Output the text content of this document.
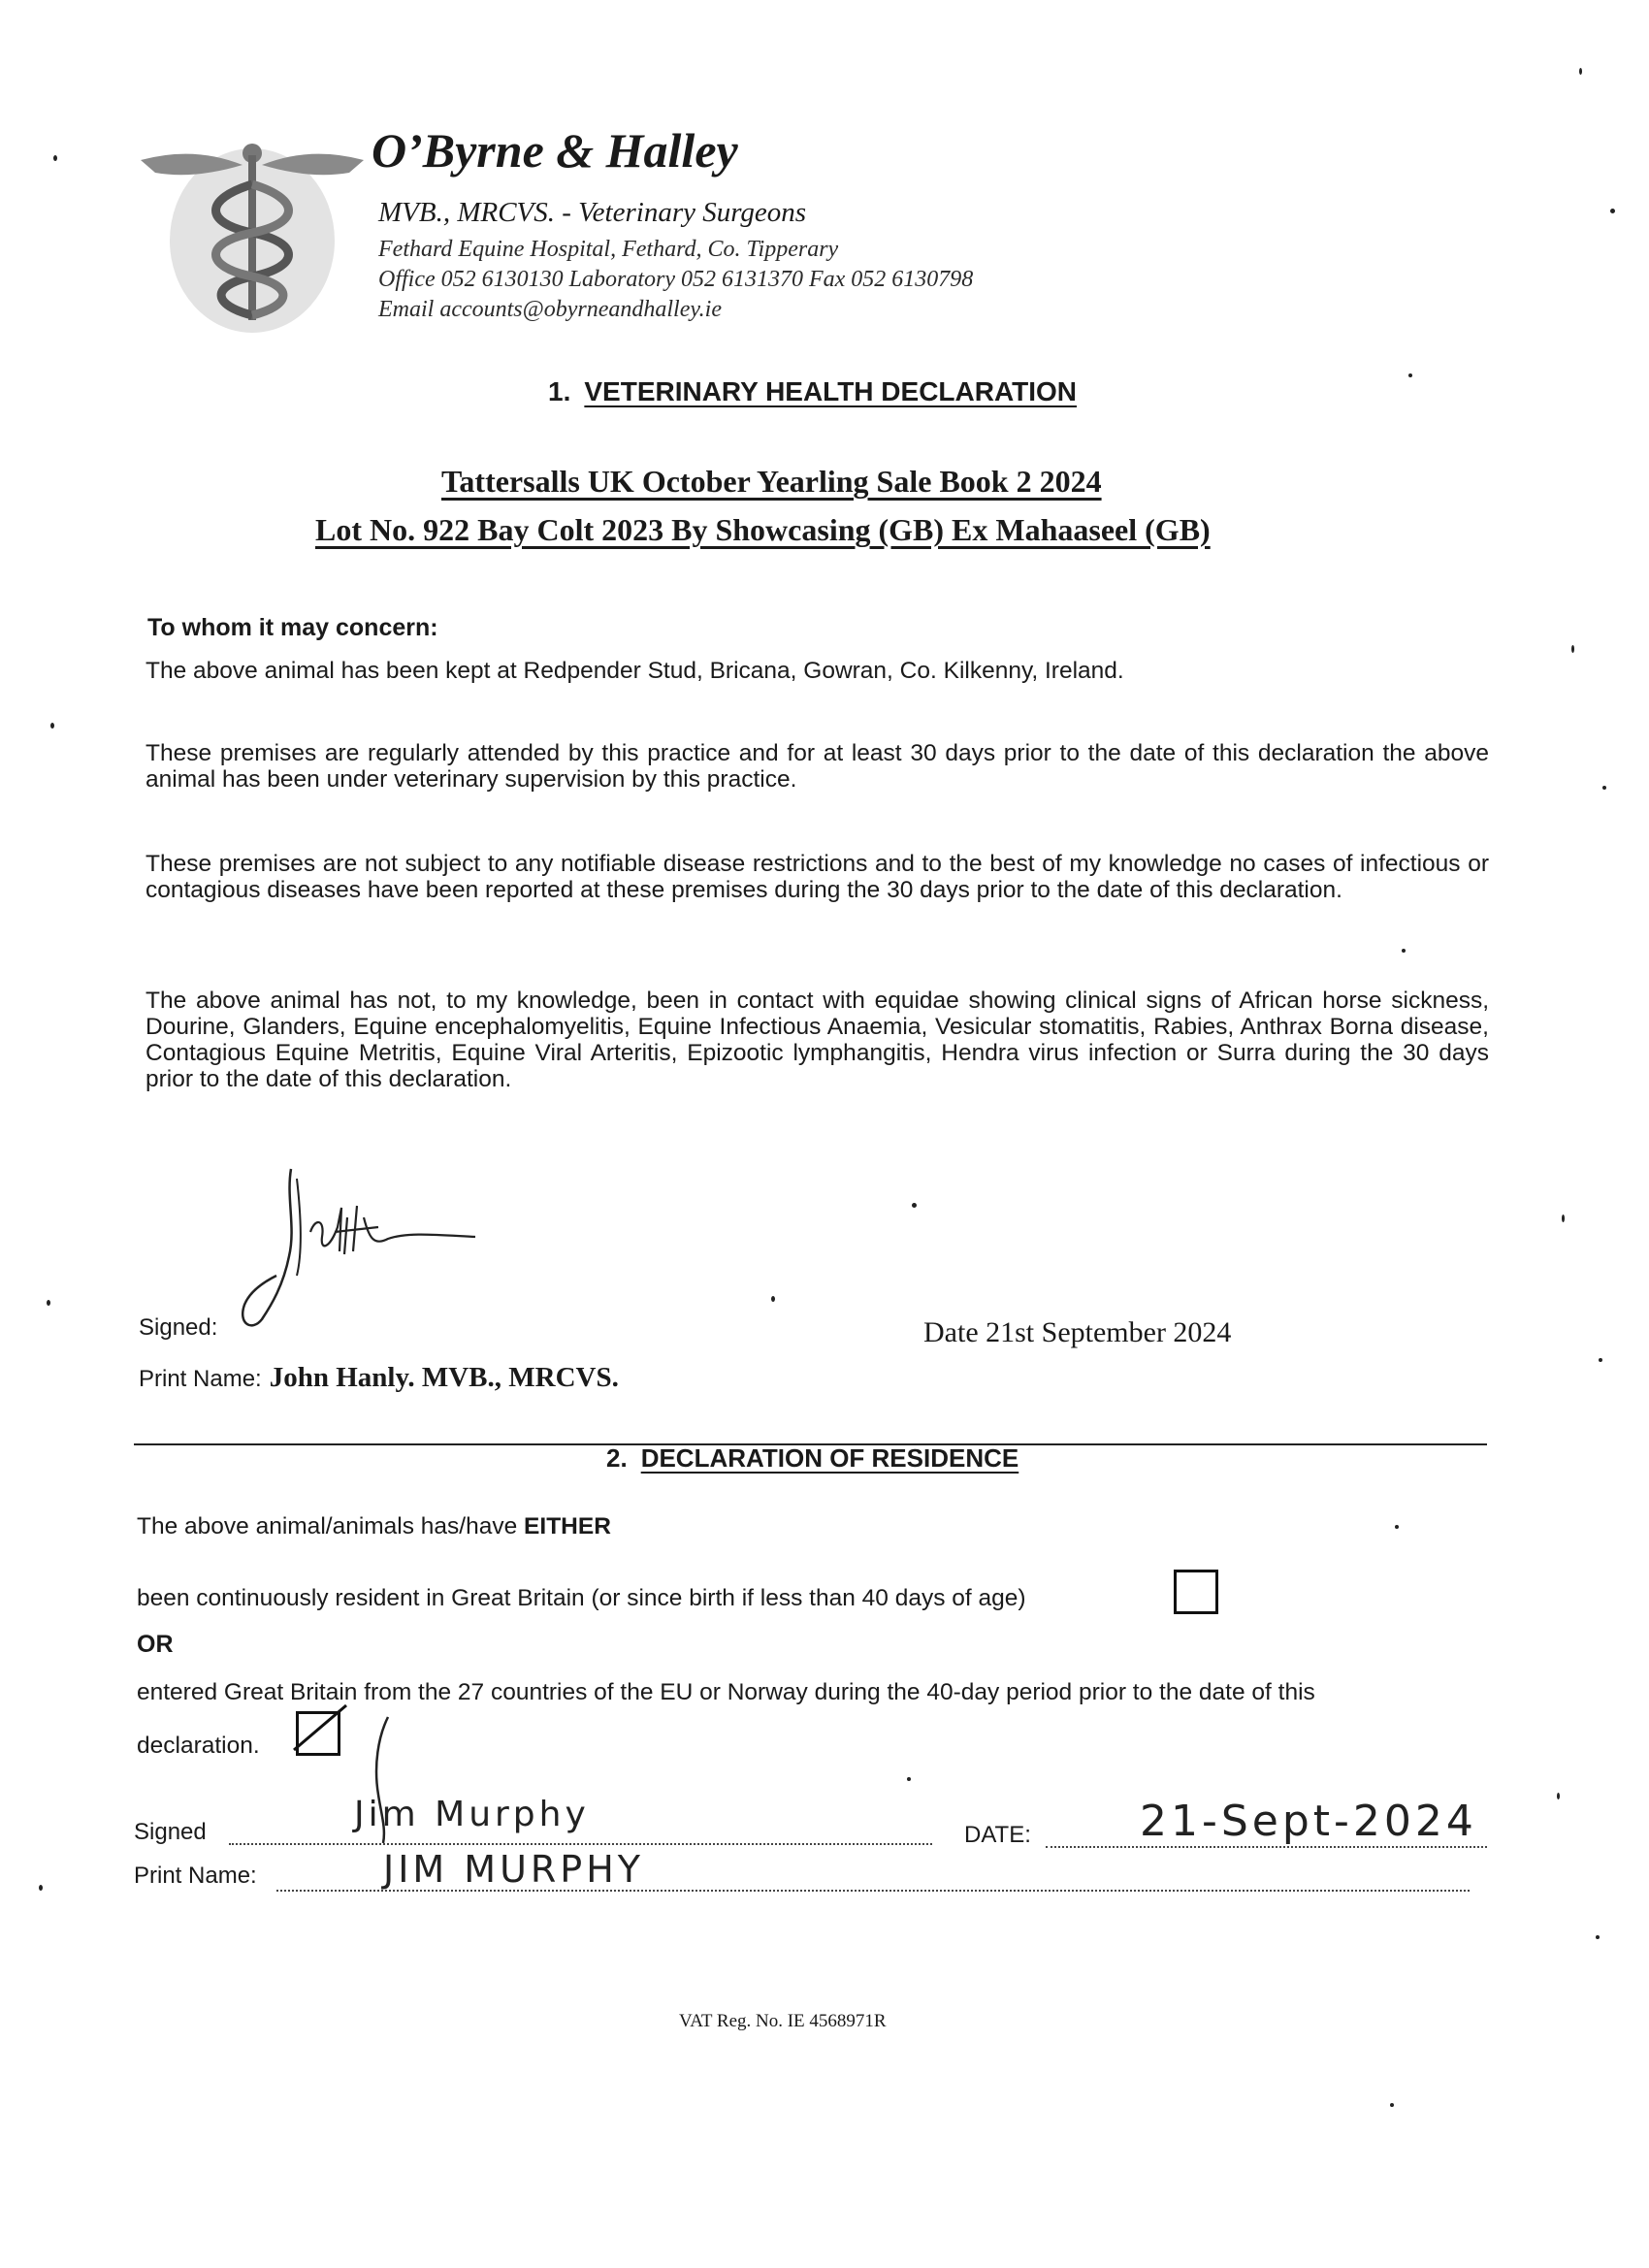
O’Byrne & Halley
MVB., MRCVS. - Veterinary Surgeons
Fethard Equine Hospital, Fethard, Co. Tipperary
Office 052 6130130 Laboratory 052 6131370 Fax 052 6130798
Email accounts@obyrneandhalley.ie
1. VETERINARY HEALTH DECLARATION
Tattersalls UK October Yearling Sale Book 2 2024
Lot No. 922 Bay Colt 2023 By Showcasing (GB) Ex Mahaaseel (GB)
To whom it may concern:
The above animal has been kept at Redpender Stud, Bricana, Gowran, Co. Kilkenny, Ireland.
These premises are regularly attended by this practice and for at least 30 days prior to the date of this declaration the above animal has been under veterinary supervision by this practice.
These premises are not subject to any notifiable disease restrictions and to the best of my knowledge no cases of infectious or contagious diseases have been reported at these premises during the 30 days prior to the date of this declaration.
The above animal has not, to my knowledge, been in contact with equidae showing clinical signs of African horse sickness, Dourine, Glanders, Equine encephalomyelitis, Equine Infectious Anaemia, Vesicular stomatitis, Rabies, Anthrax Borna disease, Contagious Equine Metritis, Equine Viral Arteritis, Epizootic lymphangitis, Hendra virus infection or Surra during the 30 days prior to the date of this declaration.
Signed:	Date 21st September 2024
Print Name: John Hanly. MVB., MRCVS.
2. DECLARATION OF RESIDENCE
The above animal/animals has/have EITHER
been continuously resident in Great Britain (or since birth if less than 40 days of age)
OR
entered Great Britain from the 27 countries of the EU or Norway during the 40-day period prior to the date of this
declaration.
Signed	Jim Murphy
DATE:	21-Sept-2024
Print Name:	JIM MURPHY
VAT Reg. No. IE 4568971R
